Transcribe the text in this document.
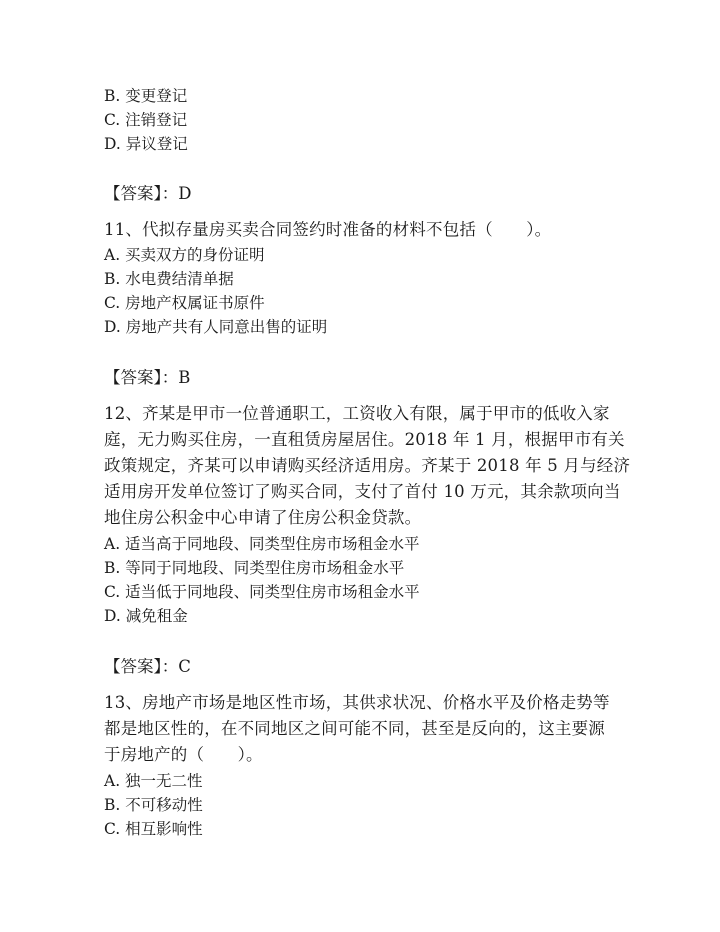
B. 变更登记
C. 注销登记
D. 异议登记
【答案】：D
11、代拟存量房买卖合同签约时准备的材料不包括（　　）。
A. 买卖双方的身份证明
B. 水电费结清单据
C. 房地产权属证书原件
D. 房地产共有人同意出售的证明
【答案】：B
12、齐某是甲市一位普通职工，工资收入有限，属于甲市的低收入家
庭，无力购买住房，一直租赁房屋居住。2018 年 1 月，根据甲市有关
政策规定，齐某可以申请购买经济适用房。齐某于 2018 年 5 月与经济
适用房开发单位签订了购买合同，支付了首付 10 万元，其余款项向当
地住房公积金中心申请了住房公积金贷款。
A. 适当高于同地段、同类型住房市场租金水平
B. 等同于同地段、同类型住房市场租金水平
C. 适当低于同地段、同类型住房市场租金水平
D. 减免租金
【答案】：C
13、房地产市场是地区性市场，其供求状况、价格水平及价格走势等
都是地区性的，在不同地区之间可能不同，甚至是反向的，这主要源
于房地产的（　　）。
A. 独一无二性
B. 不可移动性
C. 相互影响性
